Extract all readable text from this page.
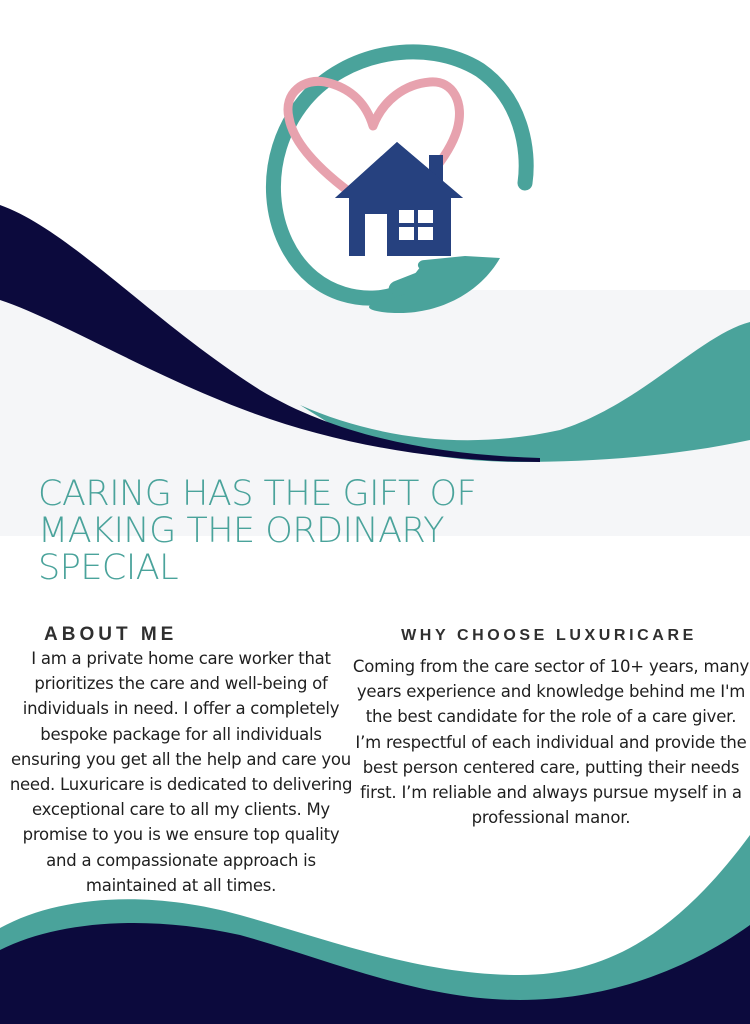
CARING HAS THE GIFT OF MAKING THE ORDINARY SPECIAL
ABOUT ME

I am a private home care worker that prioritizes the care and well-being of individuals in need. I offer a completely bespoke package for all individuals ensuring you get all the help and care you need. Luxuricare is dedicated to delivering exceptional care to all my clients. My promise to you is we ensure top quality and a compassionate approach is maintained at all times.

WHY CHOOSE LUXURICARE

Coming from the care sector of 10+ years, many years experience and knowledge behind me I'm the best candidate for the role of a care giver. I’m respectful of each individual and provide the best person centered care, putting their needs first. I’m reliable and always pursue myself in a professional manor.
